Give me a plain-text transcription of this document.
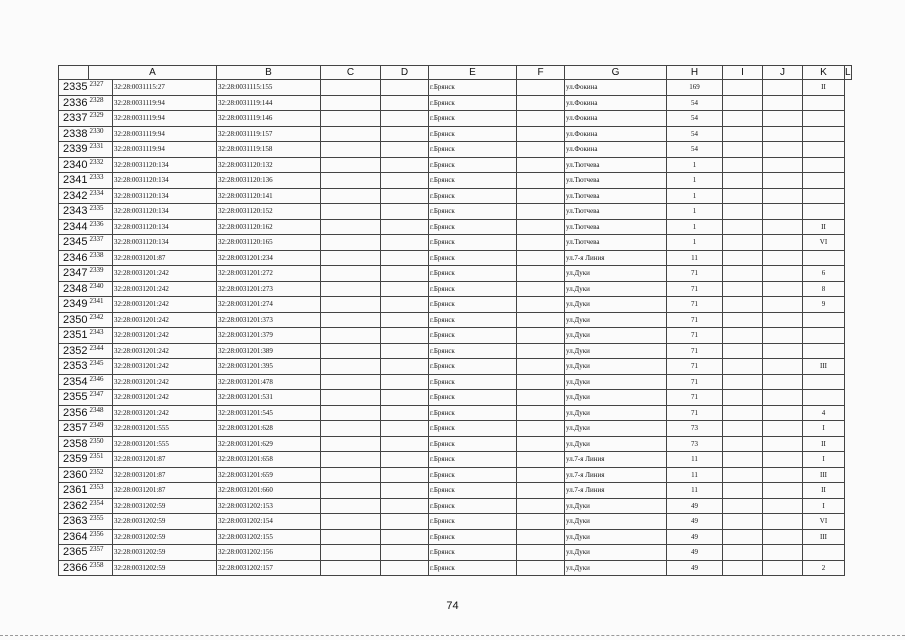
	A		B	C	D	E	F	G	H	I	J	K	L
2335	2327	32:28:0031115:27	32:28:0031115:155			г.Брянск		ул.Фокина	169			II	
2336	2328	32:28:0031119:94	32:28:0031119:144			г.Брянск		ул.Фокина	54				
2337	2329	32:28:0031119:94	32:28:0031119:146			г.Брянск		ул.Фокина	54				
2338	2330	32:28:0031119:94	32:28:0031119:157			г.Брянск		ул.Фокина	54				
2339	2331	32:28:0031119:94	32:28:0031119:158			г.Брянск		ул.Фокина	54				
2340	2332	32:28:0031120:134	32:28:0031120:132			г.Брянск		ул.Тютчева	1				
2341	2333	32:28:0031120:134	32:28:0031120:136			г.Брянск		ул.Тютчева	1				
2342	2334	32:28:0031120:134	32:28:0031120:141			г.Брянск		ул.Тютчева	1				
2343	2335	32:28:0031120:134	32:28:0031120:152			г.Брянск		ул.Тютчева	1				
2344	2336	32:28:0031120:134	32:28:0031120:162			г.Брянск		ул.Тютчева	1			II	
2345	2337	32:28:0031120:134	32:28:0031120:165			г.Брянск		ул.Тютчева	1			VI	
2346	2338	32:28:0031201:87	32:28:0031201:234			г.Брянск		ул.7-я Линия	11				
2347	2339	32:28:0031201:242	32:28:0031201:272			г.Брянск		ул.Дуки	71			6	
2348	2340	32:28:0031201:242	32:28:0031201:273			г.Брянск		ул.Дуки	71			8	
2349	2341	32:28:0031201:242	32:28:0031201:274			г.Брянск		ул.Дуки	71			9	
2350	2342	32:28:0031201:242	32:28:0031201:373			г.Брянск		ул.Дуки	71				
2351	2343	32:28:0031201:242	32:28:0031201:379			г.Брянск		ул.Дуки	71				
2352	2344	32:28:0031201:242	32:28:0031201:389			г.Брянск		ул.Дуки	71				
2353	2345	32:28:0031201:242	32:28:0031201:395			г.Брянск		ул.Дуки	71			III	
2354	2346	32:28:0031201:242	32:28:0031201:478			г.Брянск		ул.Дуки	71				
2355	2347	32:28:0031201:242	32:28:0031201:531			г.Брянск		ул.Дуки	71				
2356	2348	32:28:0031201:242	32:28:0031201:545			г.Брянск		ул.Дуки	71			4	
2357	2349	32:28:0031201:555	32:28:0031201:628			г.Брянск		ул.Дуки	73			I	
2358	2350	32:28:0031201:555	32:28:0031201:629			г.Брянск		ул.Дуки	73			II	
2359	2351	32:28:0031201:87	32:28:0031201:658			г.Брянск		ул.7-я Линия	11			I	
2360	2352	32:28:0031201:87	32:28:0031201:659			г.Брянск		ул.7-я Линия	11			III	
2361	2353	32:28:0031201:87	32:28:0031201:660			г.Брянск		ул.7-я Линия	11			II	
2362	2354	32:28:0031202:59	32:28:0031202:153			г.Брянск		ул.Дуки	49			I	
2363	2355	32:28:0031202:59	32:28:0031202:154			г.Брянск		ул.Дуки	49			VI	
2364	2356	32:28:0031202:59	32:28:0031202:155			г.Брянск		ул.Дуки	49			III	
2365	2357	32:28:0031202:59	32:28:0031202:156			г.Брянск		ул.Дуки	49				
2366	2358	32:28:0031202:59	32:28:0031202:157			г.Брянск		ул.Дуки	49			2	
74
